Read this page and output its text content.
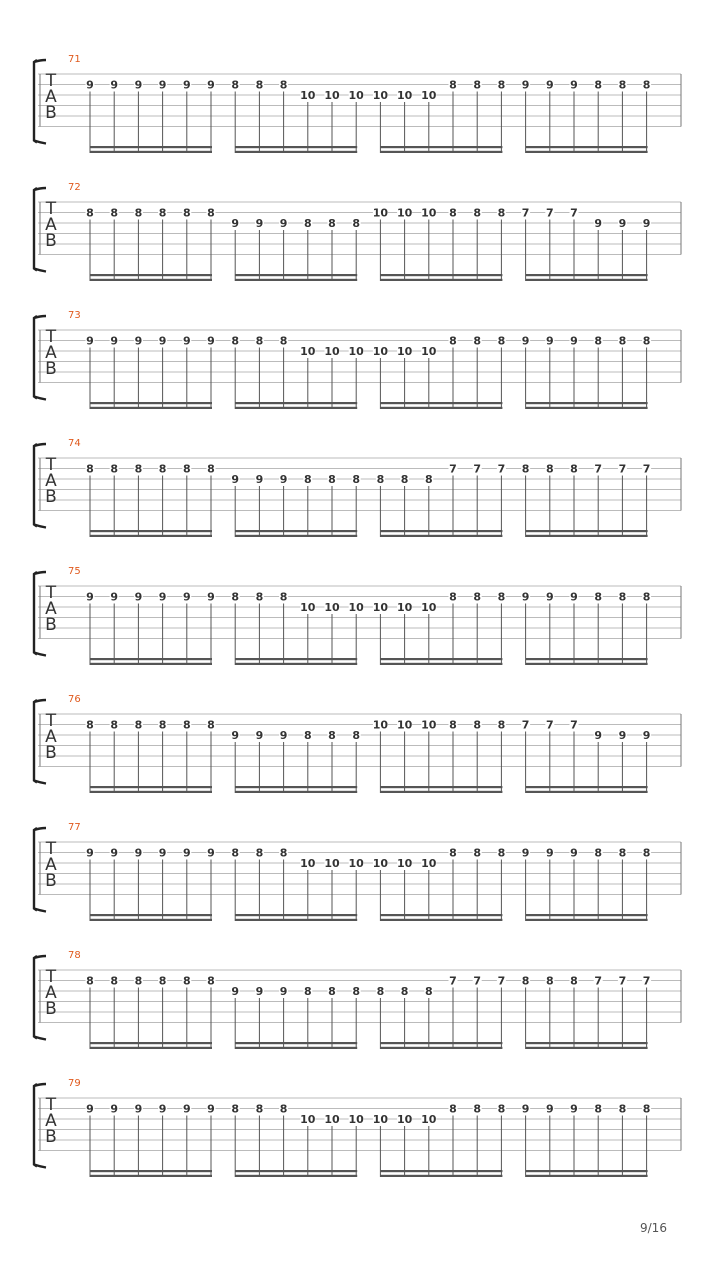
71
T
A
B
9 9 9 9 9 9 8 8 8
10 10 10 10 10 10
8 8 8 9 9 9 8 8 8
72
T
A
B
8 8 8 8 8 8
9 9 9 8 8 8
10 10 10 8 8 8 7 7 7
9 9 9
73
T
A
B
9 9 9 9 9 9 8 8 8
10 10 10 10 10 10
8 8 8 9 9 9 8 8 8
74
T
A
B
8 8 8 8 8 8
9 9 9 8 8 8 8 8 8
7 7 7 8 8 8 7 7 7
75
T
A
B
9 9 9 9 9 9 8 8 8
10 10 10 10 10 10
8 8 8 9 9 9 8 8 8
76
T
A
B
8 8 8 8 8 8
9 9 9 8 8 8
10 10 10 8 8 8 7 7 7
9 9 9
77
T
A
B
9 9 9 9 9 9 8 8 8
10 10 10 10 10 10
8 8 8 9 9 9 8 8 8
78
T
A
B
8 8 8 8 8 8
9 9 9 8 8 8 8 8 8
7 7 7 8 8 8 7 7 7
79
T
A
B
9 9 9 9 9 9 8 8 8
10 10 10 10 10 10
8 8 8 9 9 9 8 8 8
9/16
